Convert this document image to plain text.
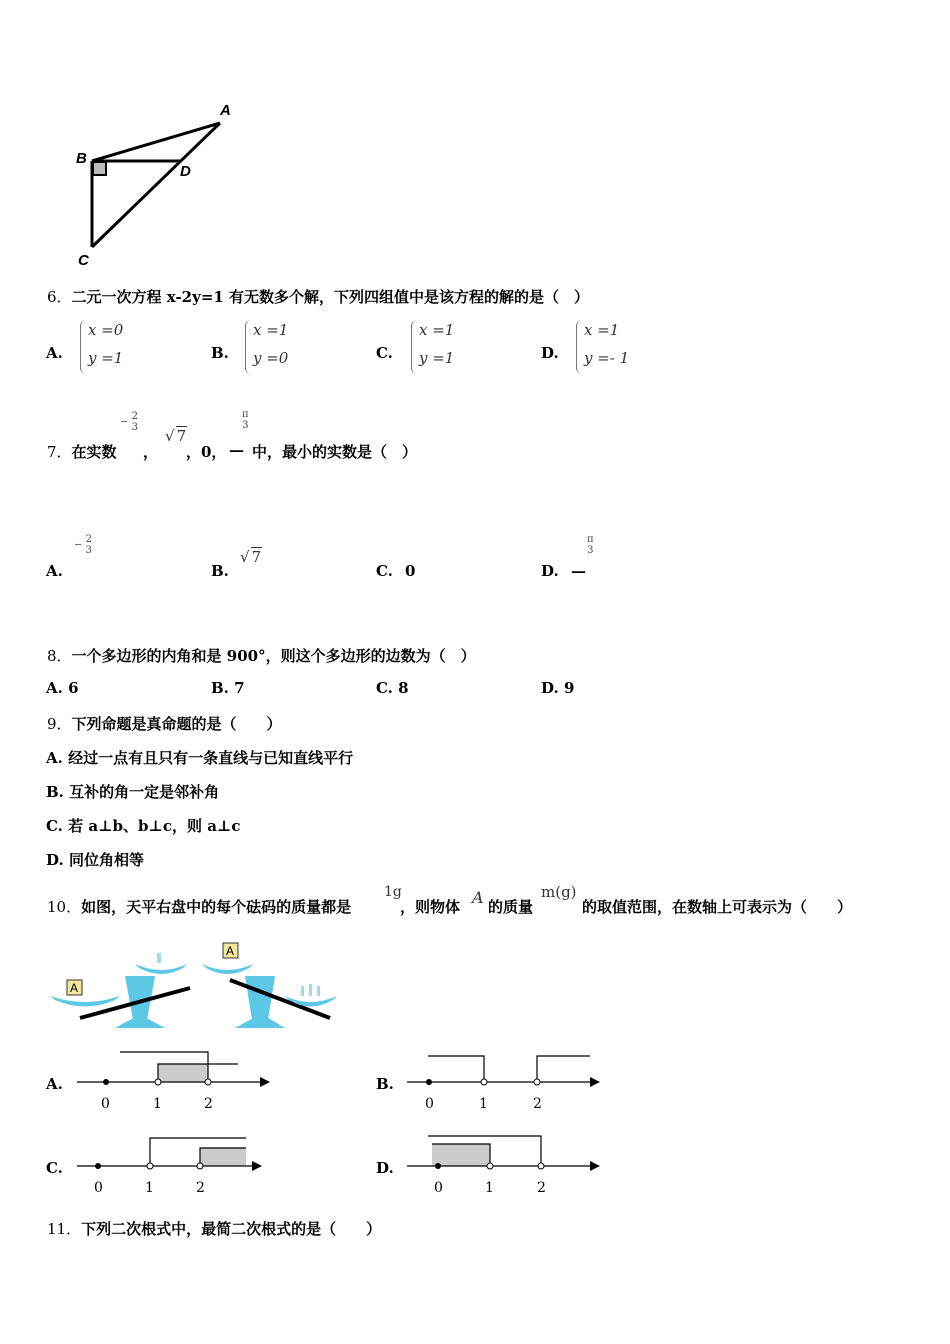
A
B
C
D
6．二元一次方程 x-2y=1 有无数多个解，下列四组值中是该方程的解的是（　）
A.
x =0
y =1	B.
x =1
y =0	C.
x =1
y =1	D.
x =1
y =- 1
7．在实数
− 2
3
，
√ 7
，0，
π
3
— 中，最小的实数是（　）
A.
− 2
3
B.
√ 7
C. 0	D. —
π
3
8．一个多边形的内角和是 900°，则这个多边形的边数为（　）
A. 6	B. 7	C. 8	D. 9
9．下列命题是真命题的是（　　）
A. 经过一点有且只有一条直线与已知直线平行
B. 互补的角一定是邻补角
C. 若 a⊥b、b⊥c，则 a⊥c
D. 同位角相等
10．如图，天平右盘中的每个砝码的质量都是
1g
，则物体 A 的质量
m(g)
的取值范围，在数轴上可表示为（　　）
A
A
A.
0	1	2
B.
0	1	2
C.
0	1	2
D.
0	1	2
11．下列二次根式中，最简二次根式的是（　　）
